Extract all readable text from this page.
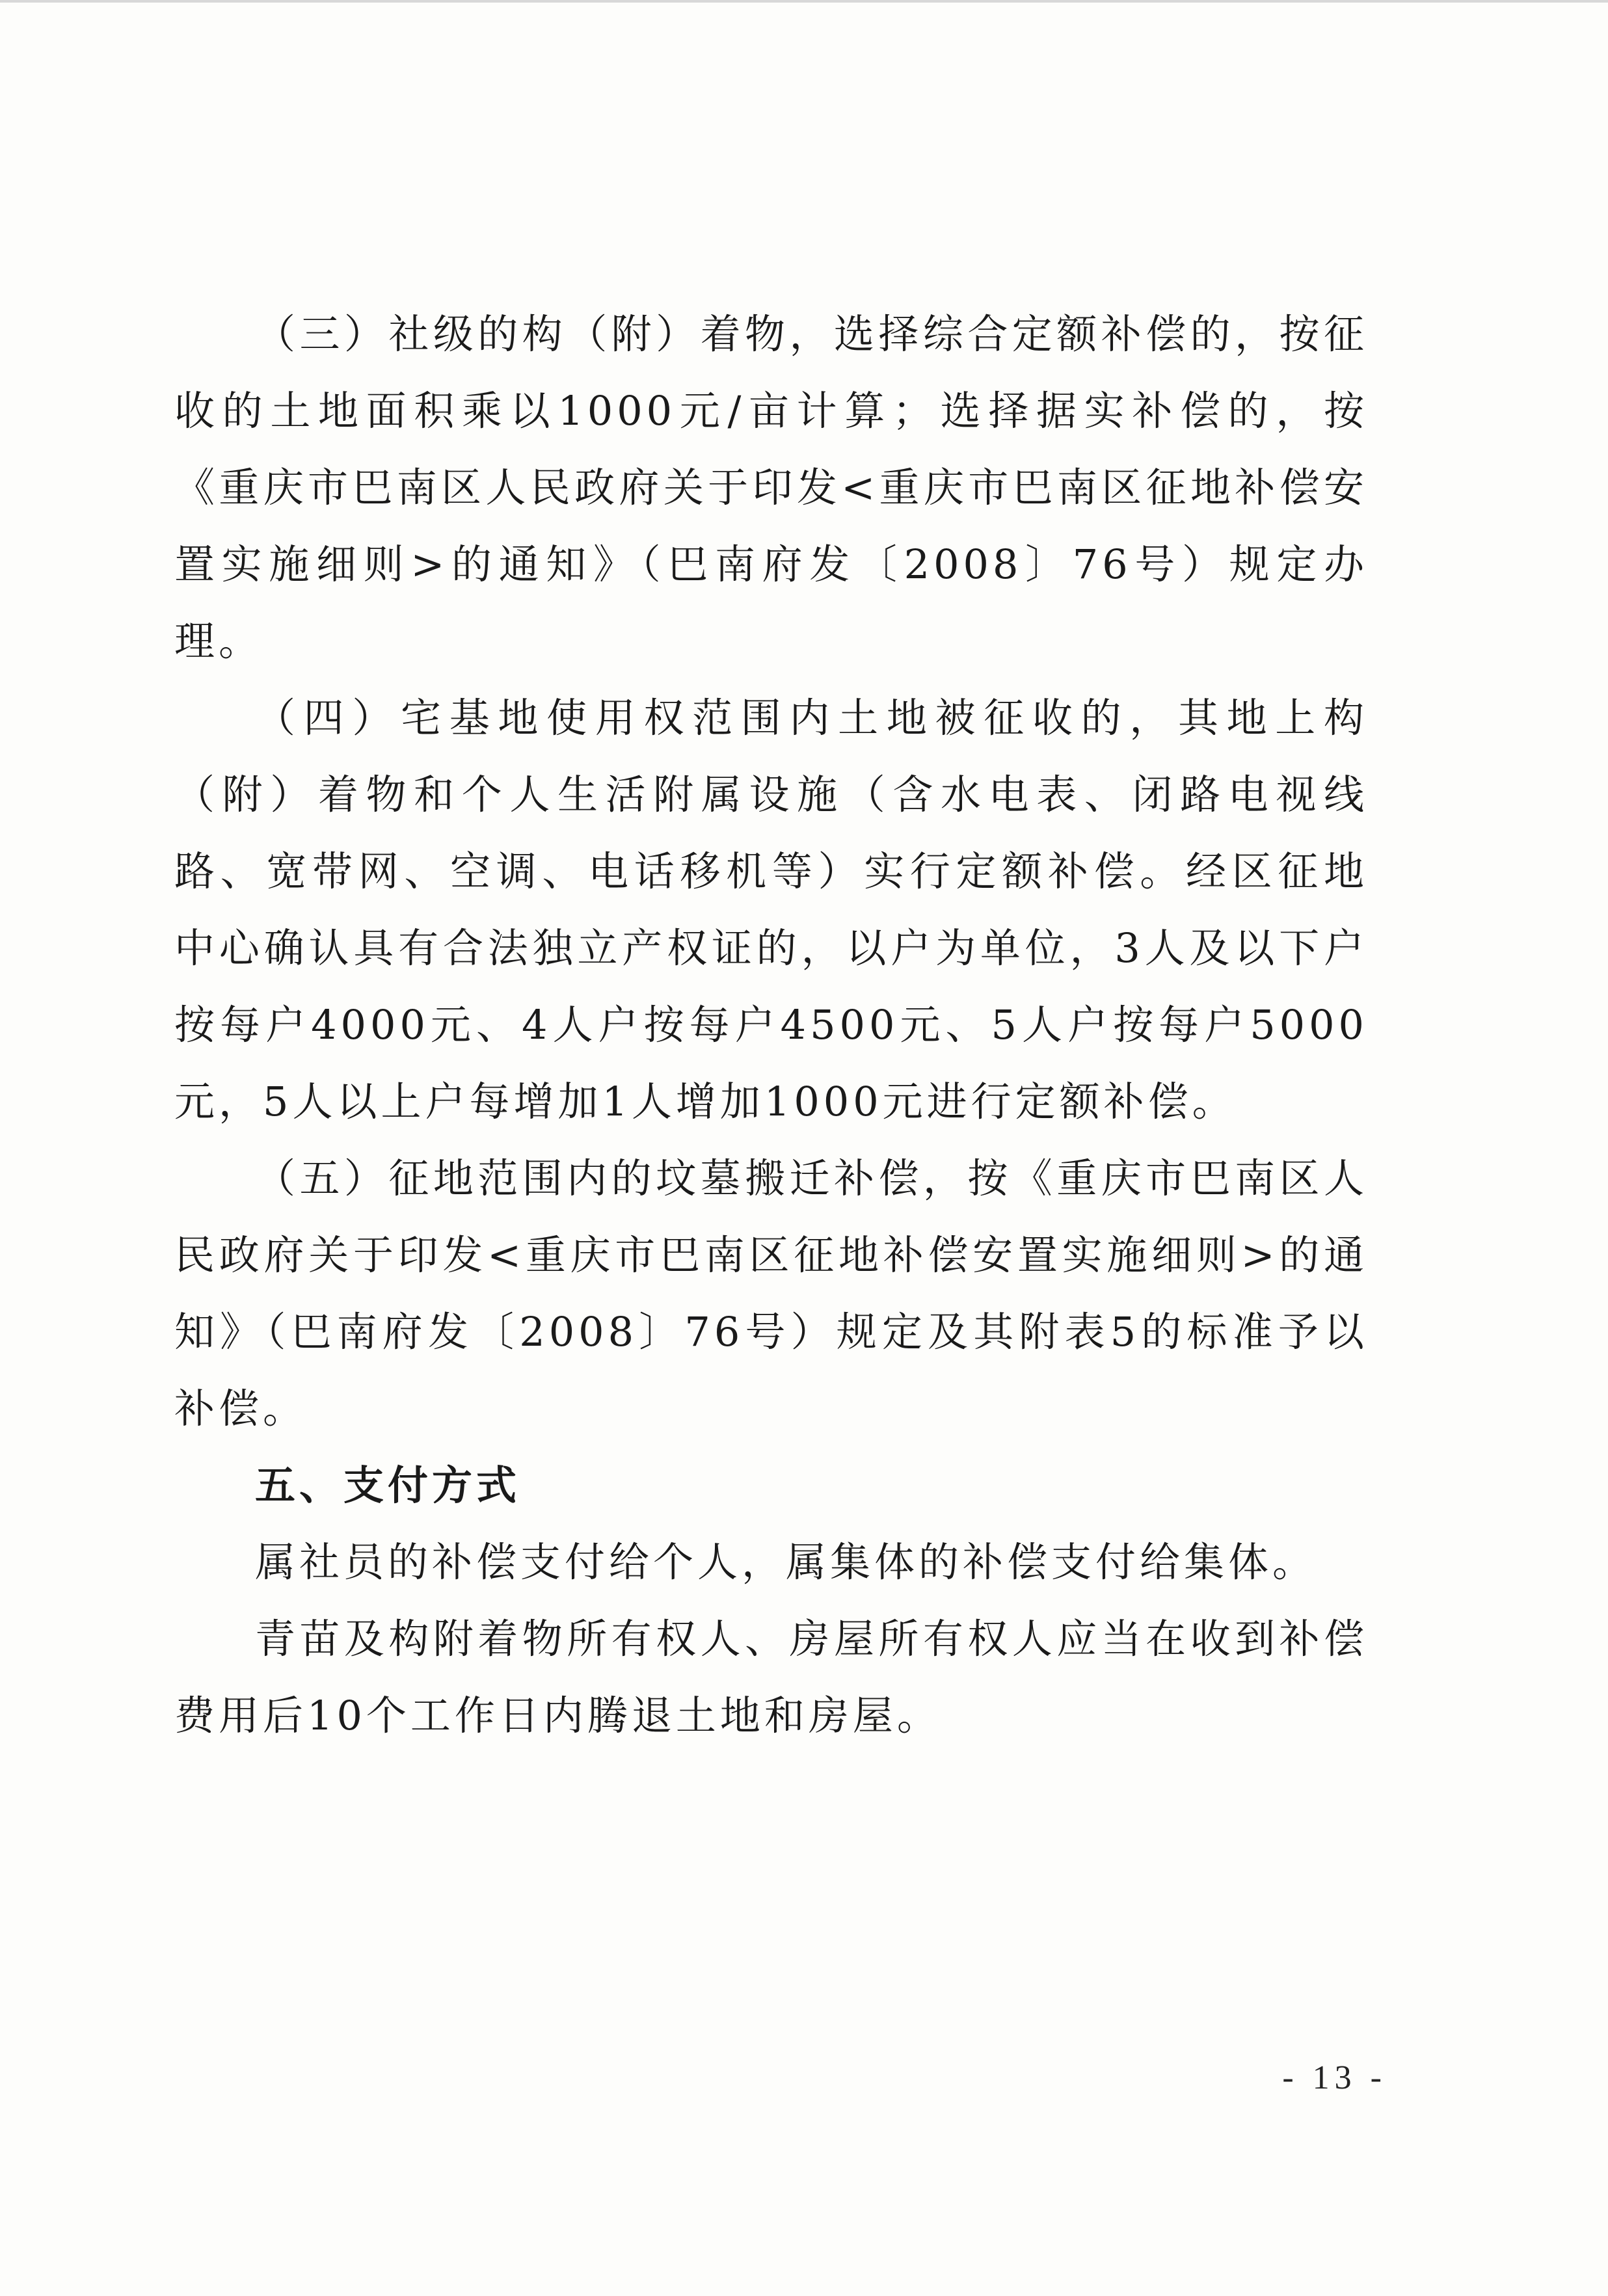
（三）社级的构（附）着物，选择综合定额补偿的，按征收的土地面积乘以1000元/亩计算；选择据实补偿的，按《重庆市巴南区人民政府关于印发<重庆市巴南区征地补偿安置实施细则>的通知》（巴南府发〔2008〕76号）规定办理。

（四）宅基地使用权范围内土地被征收的，其地上构（附）着物和个人生活附属设施（含水电表、闭路电视线路、宽带网、空调、电话移机等）实行定额补偿。经区征地中心确认具有合法独立产权证的，以户为单位，3人及以下户按每户4000元、4人户按每户4500元、5人户按每户5000元，5人以上户每增加1人增加1000元进行定额补偿。

（五）征地范围内的坟墓搬迁补偿，按《重庆市巴南区人民政府关于印发<重庆市巴南区征地补偿安置实施细则>的通知》（巴南府发〔2008〕76号）规定及其附表5的标准予以补偿。

五、支付方式

属社员的补偿支付给个人，属集体的补偿支付给集体。

青苗及构附着物所有权人、房屋所有权人应当在收到补偿费用后10个工作日内腾退土地和房屋。

- 13 -
